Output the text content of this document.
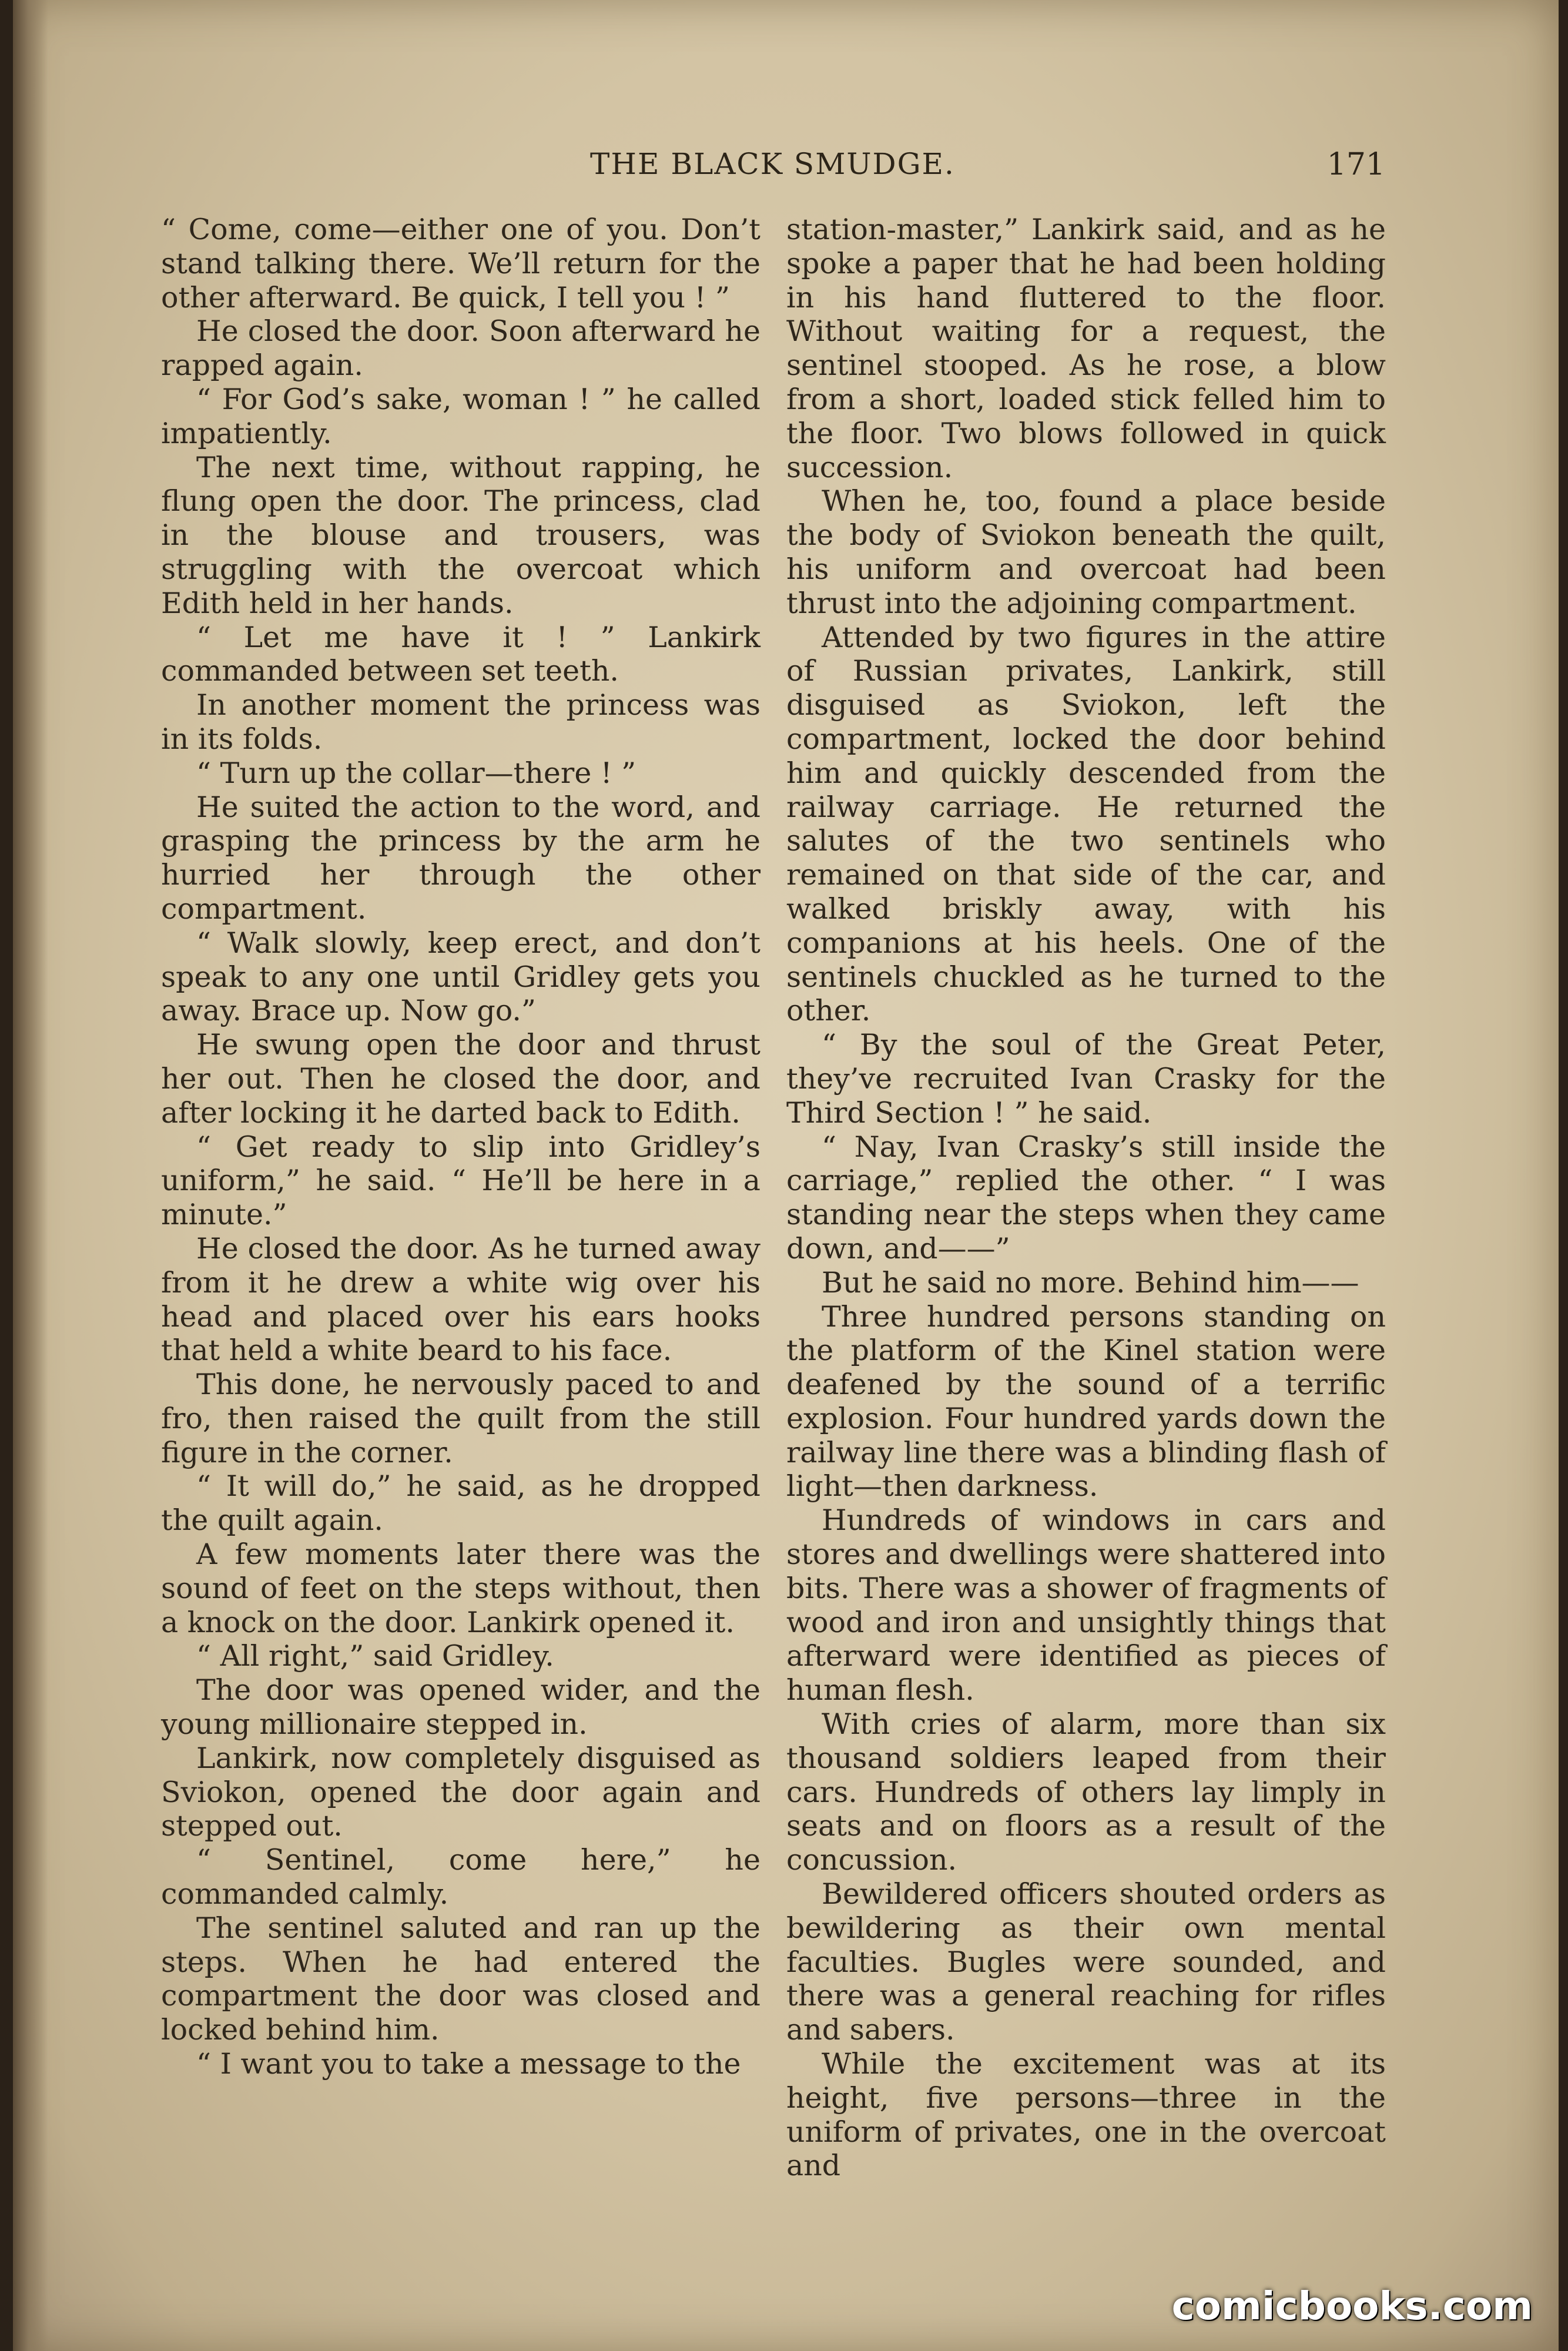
THE BLACK SMUDGE.	171

“ Come, come—either one of you. Don’t stand talking there. We’ll return for the other afterward. Be quick, I tell you ! ”

He closed the door. Soon afterward he rapped again.

“ For God’s sake, woman ! ” he called impatiently.

The next time, without rapping, he flung open the door. The princess, clad in the blouse and trousers, was struggling with the overcoat which Edith held in her hands.

“ Let me have it ! ” Lankirk commanded between set teeth.

In another moment the princess was in its folds.

“ Turn up the collar—there ! ”

He suited the action to the word, and grasping the princess by the arm he hurried her through the other compartment.

“ Walk slowly, keep erect, and don’t speak to any one until Gridley gets you away. Brace up. Now go.”

He swung open the door and thrust her out. Then he closed the door, and after locking it he darted back to Edith.

“ Get ready to slip into Gridley’s uniform,” he said. “ He’ll be here in a minute.”

He closed the door. As he turned away from it he drew a white wig over his head and placed over his ears hooks that held a white beard to his face.

This done, he nervously paced to and fro, then raised the quilt from the still figure in the corner.

“ It will do,” he said, as he dropped the quilt again.

A few moments later there was the sound of feet on the steps without, then a knock on the door. Lankirk opened it.

“ All right,” said Gridley.

The door was opened wider, and the young millionaire stepped in.

Lankirk, now completely disguised as Sviokon, opened the door again and stepped out.

“ Sentinel, come here,” he commanded calmly.

The sentinel saluted and ran up the steps. When he had entered the compartment the door was closed and locked behind him.

“ I want you to take a message to the

station-master,” Lankirk said, and as he spoke a paper that he had been holding in his hand fluttered to the floor. Without waiting for a request, the sentinel stooped. As he rose, a blow from a short, loaded stick felled him to the floor. Two blows followed in quick succession.

When he, too, found a place beside the body of Sviokon beneath the quilt, his uniform and overcoat had been thrust into the adjoining compartment.

Attended by two figures in the attire of Russian privates, Lankirk, still disguised as Sviokon, left the compartment, locked the door behind him and quickly descended from the railway carriage. He returned the salutes of the two sentinels who remained on that side of the car, and walked briskly away, with his companions at his heels. One of the sentinels chuckled as he turned to the other.

“ By the soul of the Great Peter, they’ve recruited Ivan Crasky for the Third Section ! ” he said.

“ Nay, Ivan Crasky’s still inside the carriage,” replied the other. “ I was standing near the steps when they came down, and——”

But he said no more. Behind him——

Three hundred persons standing on the platform of the Kinel station were deafened by the sound of a terrific explosion. Four hundred yards down the railway line there was a blinding flash of light—then darkness.

Hundreds of windows in cars and stores and dwellings were shattered into bits. There was a shower of fragments of wood and iron and unsightly things that afterward were identified as pieces of human flesh.

With cries of alarm, more than six thousand soldiers leaped from their cars. Hundreds of others lay limply in seats and on floors as a result of the concussion.

Bewildered officers shouted orders as bewildering as their own mental faculties. Bugles were sounded, and there was a general reaching for rifles and sabers.

While the excitement was at its height, five persons—three in the uniform of privates, one in the overcoat and

comicbooks.com
